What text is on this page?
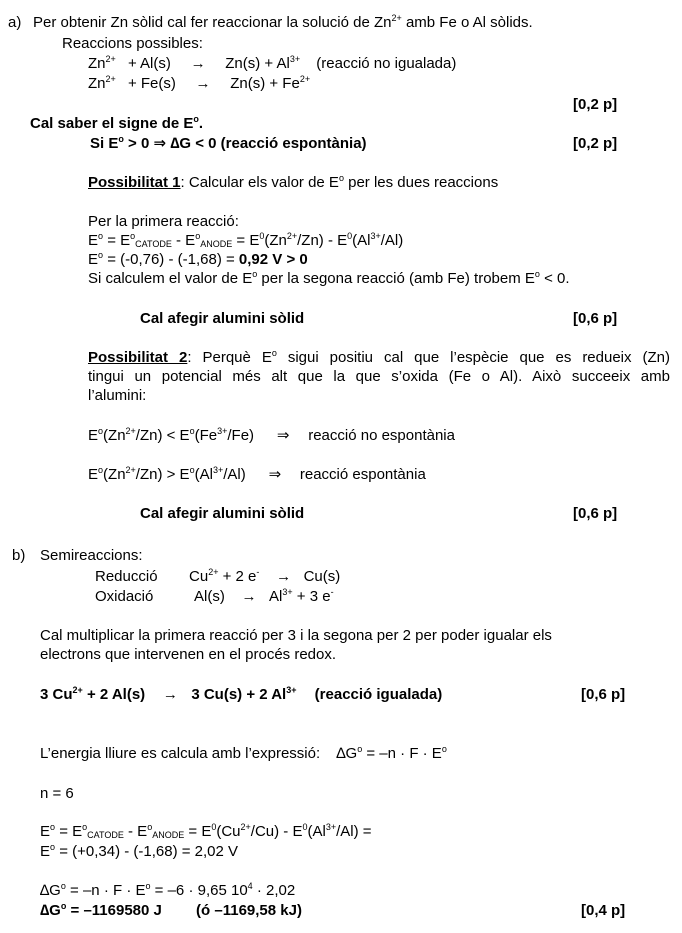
a) Per obtenir Zn sòlid cal fer reaccionar la solució de $Zn^{2+}$ amb Fe o Al sòlids.
Reaccions possibles:
$Zn^{2+} + Al(s) \to Zn(s) + Al^{3+}$ (reacció no igualada)
$Zn^{2+} + Fe(s) \to Zn(s) + Fe^{2+}$
[0,2 p]
Cal saber el signe de $E^o$.
Si $E^o > 0$ ⇒ ∆G < 0 (reacció espontània)	[0,2 p]
Possibilitat 1: Calcular els valor de $E^o$ per les dues reaccions
Per la primera reacció:
$E^o = E^o_{CATODE} - E^o_{ANODE} = E^0(Zn^{2+}/Zn) - E^0(Al^{3+}/Al)$
$E^o = (-0,76) - (-1,68) = 0,92$ V > 0
Si calculem el valor de $E^o$ per la segona reacció (amb Fe) trobem $E^o < 0$.
Cal afegir alumini sòlid	[0,6 p]
Possibilitat 2: Perquè $E^o$ sigui positiu cal que l’espècie que es redueix (Zn)
tingui un potencial més alt que la que s’oxida (Fe o Al). Això succeeix amb
l’alumini:
$E^o(Zn^{2+}/Zn) < E^o(Fe^{3+}/Fe)$ ⇒ reacció no espontània
$E^o(Zn^{2+}/Zn) > E^o(Al^{3+}/Al)$ ⇒ reacció espontània
Cal afegir alumini sòlid	[0,6 p]
b) Semireaccions:
Reducció $Cu^{2+} + 2$ e- → Cu(s)
Oxidació	$Al(s) \to Al^{3+} + 3$ e-
Cal multiplicar la primera reacció per 3 i la segona per 2 per poder igualar els
electrons que intervenen en el procés redox.
3 $Cu^{2+} + 2$ Al(s) → 3 Cu(s) + 2 $Al^{3+}$ (reacció igualada)	[0,6 p]
L’energia lliure es calcula amb l’expressió: $\Delta G^o = -n \cdot F \cdot E^o$
n = 6
$E^o = E^o_{CATODE} - E^o_{ANODE} = E^0(Cu^{2+}/Cu) - E^0(Al^{3+}/Al)$ =
$E^o = (+0,34) - (-1,68) = 2,02$ V
$\Delta G^o = -n \cdot F \cdot E^o = -6 \cdot 9,65$ $10^4 \cdot 2,02$
$\Delta G^o = -1169580$ J (ó –1169,58 kJ)	[0,4 p]
